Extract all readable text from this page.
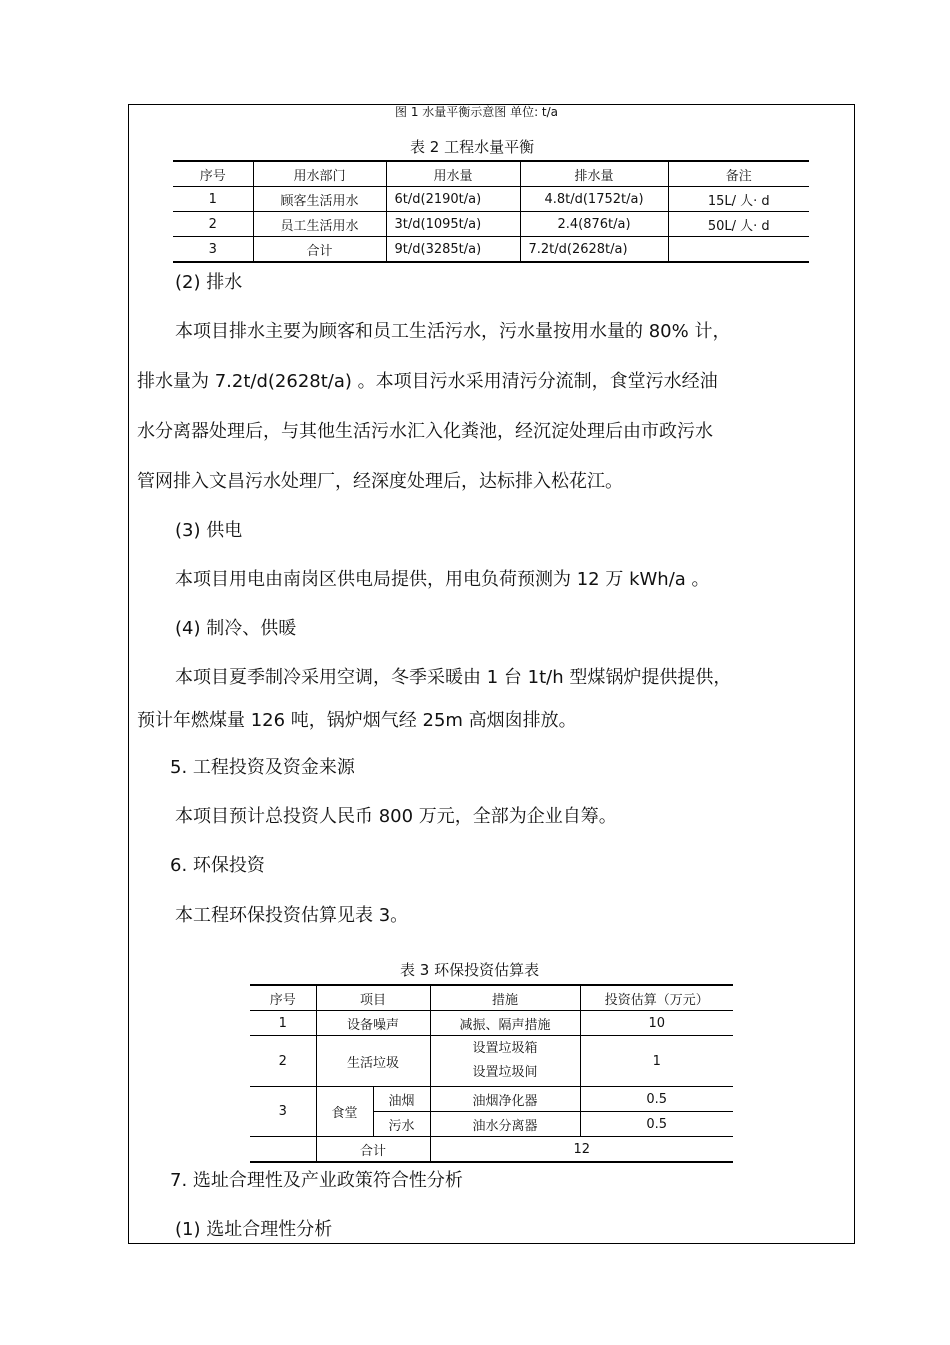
图 1 水量平衡示意图 单位: t/a
表 2 工程水量平衡
序号	用水部门	用水量	排水量	备注
1	顾客生活用水	6t/d(2190t/a)	4.8t/d(1752t/a)	15L/ 人· d
2	员工生活用水	3t/d(1095t/a)	2.4(876t/a)	50L/ 人· d
3	合计	9t/d(3285t/a)	7.2t/d(2628t/a)	
(2) 排水
本项目排水主要为顾客和员工生活污水，污水量按用水量的 80% 计，
排水量为 7.2t/d(2628t/a) 。本项目污水采用清污分流制，食堂污水经油
水分离器处理后，与其他生活污水汇入化粪池，经沉淀处理后由市政污水
管网排入文昌污水处理厂，经深度处理后，达标排入松花江。
(3) 供电
本项目用电由南岗区供电局提供，用电负荷预测为 12 万 kWh/a 。
(4) 制冷、供暖
本项目夏季制冷采用空调，冬季采暖由 1 台 1t/h 型煤锅炉提供提供，
预计年燃煤量 126 吨，锅炉烟气经 25m 高烟囱排放。
5. 工程投资及资金来源
本项目预计总投资人民币 800 万元，全部为企业自筹。
6. 环保投资
本工程环保投资估算见表 3。
表 3 环保投资估算表
序号	项目		措施	投资估算（万元）
1	设备噪声		减振、隔声措施	10
2	生活垃圾		设置垃圾箱
设置垃圾间	1
3	食堂	油烟	油烟净化器	0.5
		污水	油水分离器	0.5
	合计		12	
7. 选址合理性及产业政策符合性分析
(1) 选址合理性分析
